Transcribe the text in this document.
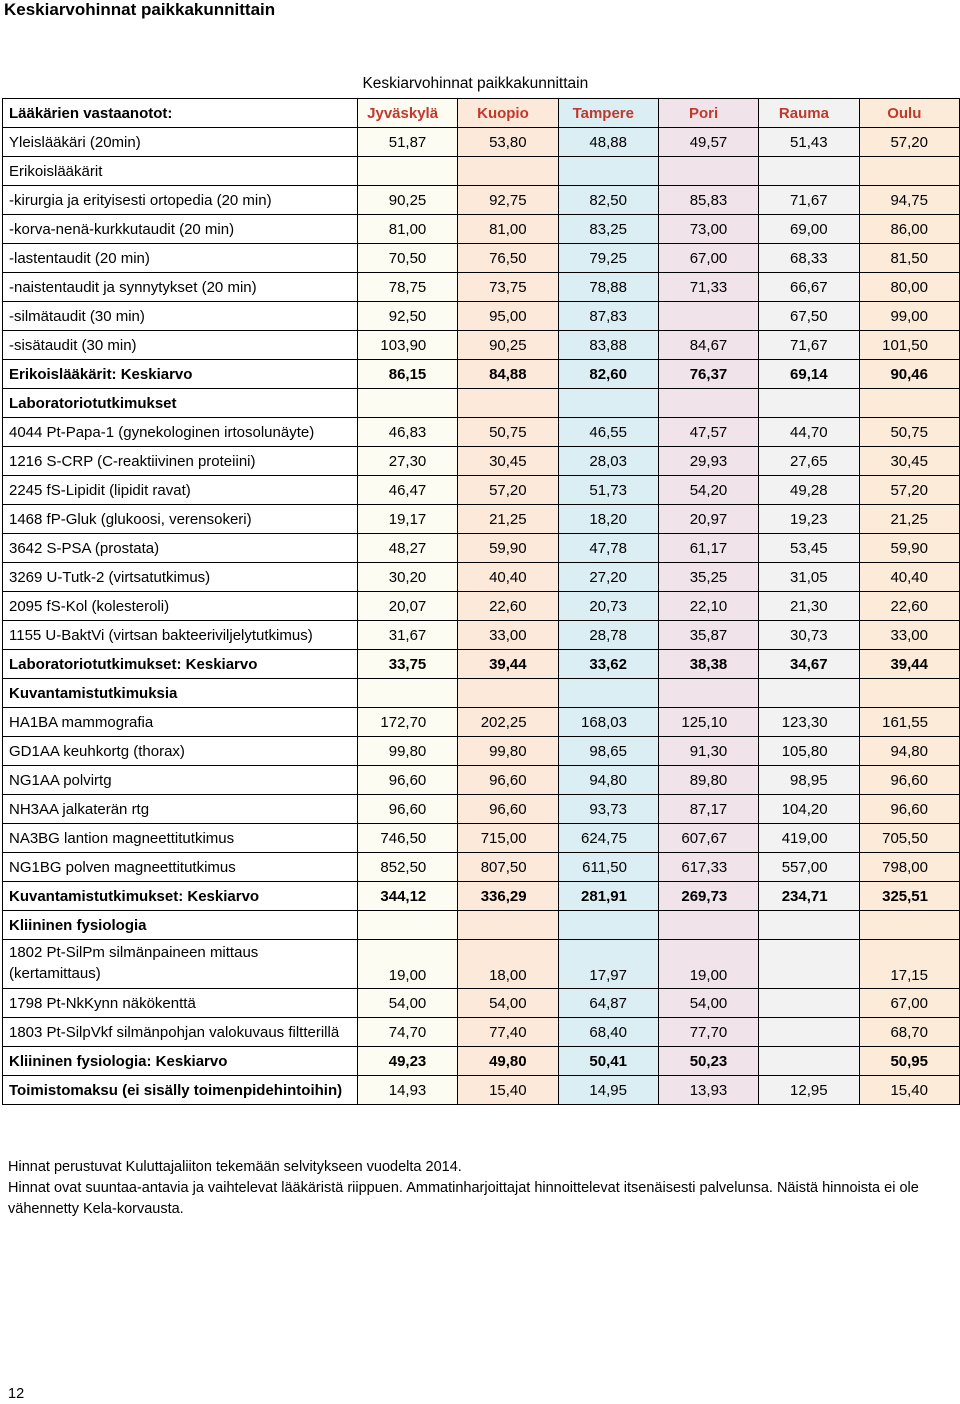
Keskiarvohinnat paikkakunnittain
	Keskiarvohinnat paikkakunnittain					
Lääkärien vastaanotot:	Jyväskylä	Kuopio	Tampere	Pori	Rauma	Oulu
Yleislääkäri (20min)	51,87	53,80	48,88	49,57	51,43	57,20
Erikoislääkärit						
-kirurgia ja erityisesti ortopedia (20 min)	90,25	92,75	82,50	85,83	71,67	94,75
-korva-nenä-kurkkutaudit (20 min)	81,00	81,00	83,25	73,00	69,00	86,00
-lastentaudit (20 min)	70,50	76,50	79,25	67,00	68,33	81,50
-naistentaudit ja synnytykset (20 min)	78,75	73,75	78,88	71,33	66,67	80,00
-silmätaudit (30 min)	92,50	95,00	87,83		67,50	99,00
-sisätaudit (30 min)	103,90	90,25	83,88	84,67	71,67	101,50
Erikoislääkärit: Keskiarvo	86,15	84,88	82,60	76,37	69,14	90,46
Laboratoriotutkimukset						
4044 Pt-Papa-1 (gynekologinen irtosolunäyte)	46,83	50,75	46,55	47,57	44,70	50,75
1216 S-CRP (C-reaktiivinen proteiini)	27,30	30,45	28,03	29,93	27,65	30,45
2245 fS-Lipidit (lipidit ravat)	46,47	57,20	51,73	54,20	49,28	57,20
1468 fP-Gluk (glukoosi, verensokeri)	19,17	21,25	18,20	20,97	19,23	21,25
3642 S-PSA (prostata)	48,27	59,90	47,78	61,17	53,45	59,90
3269 U-Tutk-2 (virtsatutkimus)	30,20	40,40	27,20	35,25	31,05	40,40
2095 fS-Kol (kolesteroli)	20,07	22,60	20,73	22,10	21,30	22,60
1155 U-BaktVi (virtsan bakteeriviljelytutkimus)	31,67	33,00	28,78	35,87	30,73	33,00
Laboratoriotutkimukset: Keskiarvo	33,75	39,44	33,62	38,38	34,67	39,44
Kuvantamistutkimuksia						
HA1BA mammografia	172,70	202,25	168,03	125,10	123,30	161,55
GD1AA keuhkortg (thorax)	99,80	99,80	98,65	91,30	105,80	94,80
NG1AA polvirtg	96,60	96,60	94,80	89,80	98,95	96,60
NH3AA jalkaterän rtg	96,60	96,60	93,73	87,17	104,20	96,60
NA3BG lantion magneettitutkimus	746,50	715,00	624,75	607,67	419,00	705,50
NG1BG polven magneettitutkimus	852,50	807,50	611,50	617,33	557,00	798,00
Kuvantamistutkimukset: Keskiarvo	344,12	336,29	281,91	269,73	234,71	325,51
Kliininen fysiologia						
1802 Pt-SilPm silmänpaineen mittaus (kertamittaus)	19,00	18,00	17,97	19,00		17,15
1798 Pt-NkKynn näkökenttä	54,00	54,00	64,87	54,00		67,00
1803 Pt-SilpVkf silmänpohjan valokuvaus filtterillä	74,70	77,40	68,40	77,70		68,70
Kliininen fysiologia: Keskiarvo	49,23	49,80	50,41	50,23		50,95
Toimistomaksu (ei sisälly toimenpidehintoihin)	14,93	15,40	14,95	13,93	12,95	15,40

Hinnat perustuvat Kuluttajaliiton tekemään selvitykseen vuodelta 2014.

Hinnat ovat suuntaa-antavia ja vaihtelevat lääkäristä riippuen. Ammatinharjoittajat hinnoittelevat itsenäisesti palvelunsa. Näistä hinnoista ei ole vähennetty Kela-korvausta.

12
